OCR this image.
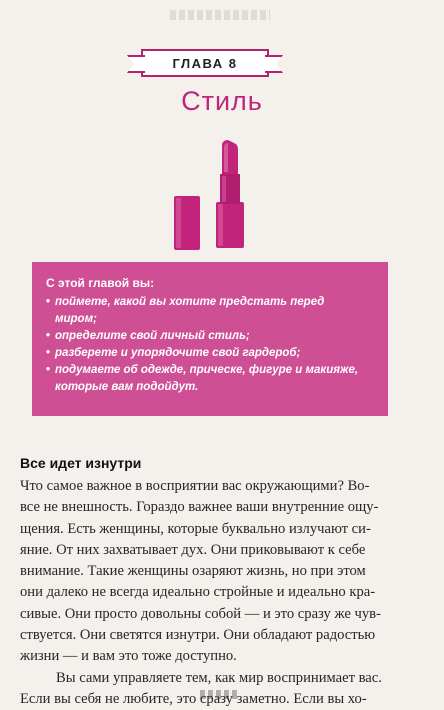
ГЛАВА 8
Стиль

С этой главой вы:

• поймете, какой вы хотите предстать перед
миром;
• определите свой личный стиль;
• разберете и упорядочите свой гардероб;
• подумаете об одежде, прическе, фигуре и макияже,
которые вам подойдут.
Все идет изнутри
Что самое важное в восприятии вас окружающими? Во-
все не внешность. Гораздо важнее ваши внутренние ощу-
щения. Есть женщины, которые буквально излучают си-
яние. От них захватывает дух. Они приковывают к себе
внимание. Такие женщины озаряют жизнь, но при этом
они далеко не всегда идеально стройные и идеально кра-
сивые. Они просто довольны собой — и это сразу же чув-
ствуется. Они светятся изнутри. Они обладают радостью
жизни — и вам это тоже доступно.
Вы сами управляете тем, как мир воспринимает вас.
Если вы себя не любите, это сразу заметно. Если вы хо-
